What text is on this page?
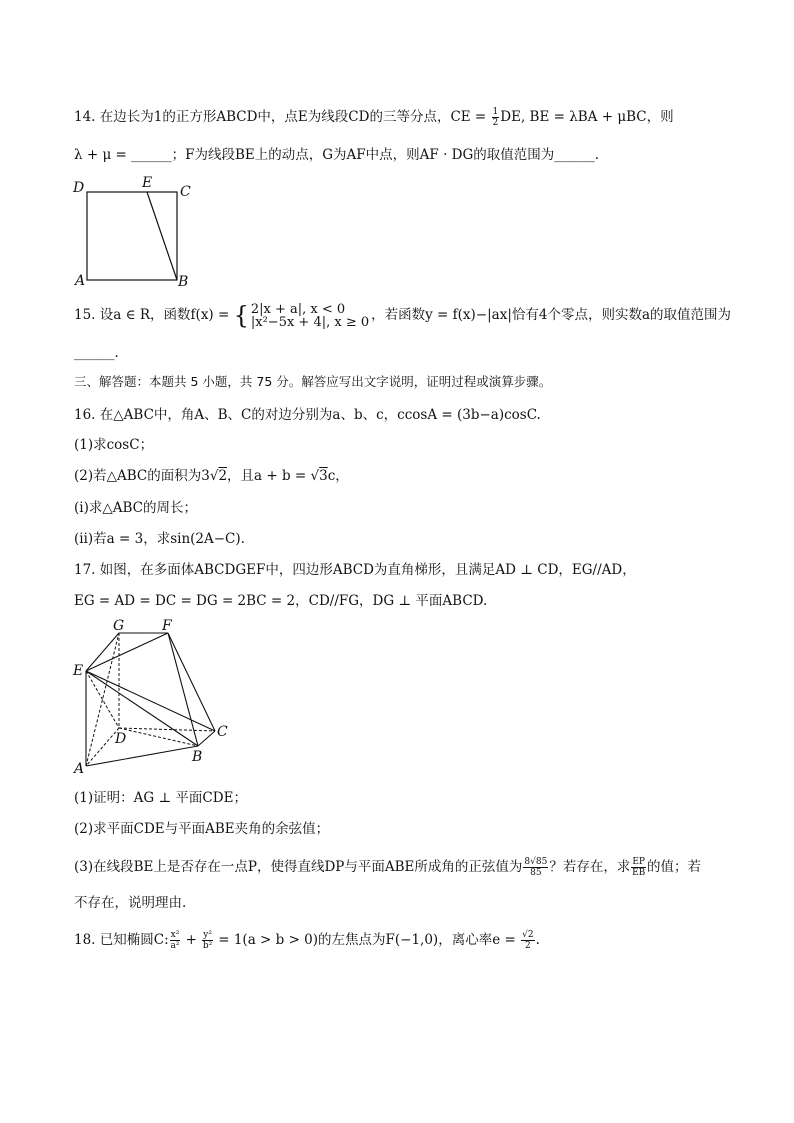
14. 在边长为1的正方形ABCD中，点E为线段CD的三等分点，CE = $\frac{1}{2}$ DE, BE = λBA + μBC，则
λ + μ = ______；F为线段BE上的动点，G为AF中点，则AF · DG的取值范围为______.
D	E
C
A	B
15. 设a ∈ R，函数f(x) = { 2|x + a|, x < 0
|x²−5x + 4|, x ≥ 0 ，若函数y = f(x)−|ax|恰有4个零点，则实数a的取值范围为
______.
三、解答题：本题共 5 小题，共 75 分。解答应写出文字说明，证明过程或演算步骤。
16. 在△ABC中，角A、B、C的对边分别为a、b、c，ccosA = (3b−a)cosC.
(1)求cosC；
(2)若△ABC的面积为3√2，且a + b = √3c，
(ⅰ)求△ABC的周长；
(ⅱ)若a = 3，求sin(2A−C).
17. 如图，在多面体ABCDGEF中，四边形ABCD为直角梯形，且满足AD ⊥ CD，EG//AD，
EG = AD = DC = DG = 2BC = 2，CD//FG，DG ⊥ 平面ABCD.
G	F
E
D	C
A
B
(1)证明：AG ⊥ 平面CDE；
(2)求平面CDE与平面ABE夹角的余弦值；
(3)在线段BE上是否存在一点P，使得直线DP与平面ABE所成角的正弦值为 $\frac{8√85}{85}$ ？若存在，求 $\frac{EP}{EB}$ 的值；若
不存在，说明理由.
18. 已知椭圆C: $\frac{\text{x²}}{\text{a²}} + \frac{\text{y²}}{\text{b²}} = 1(a > b > 0)$的左焦点为F(−1,0)，离心率$e = \frac{√2}{2}$ .
